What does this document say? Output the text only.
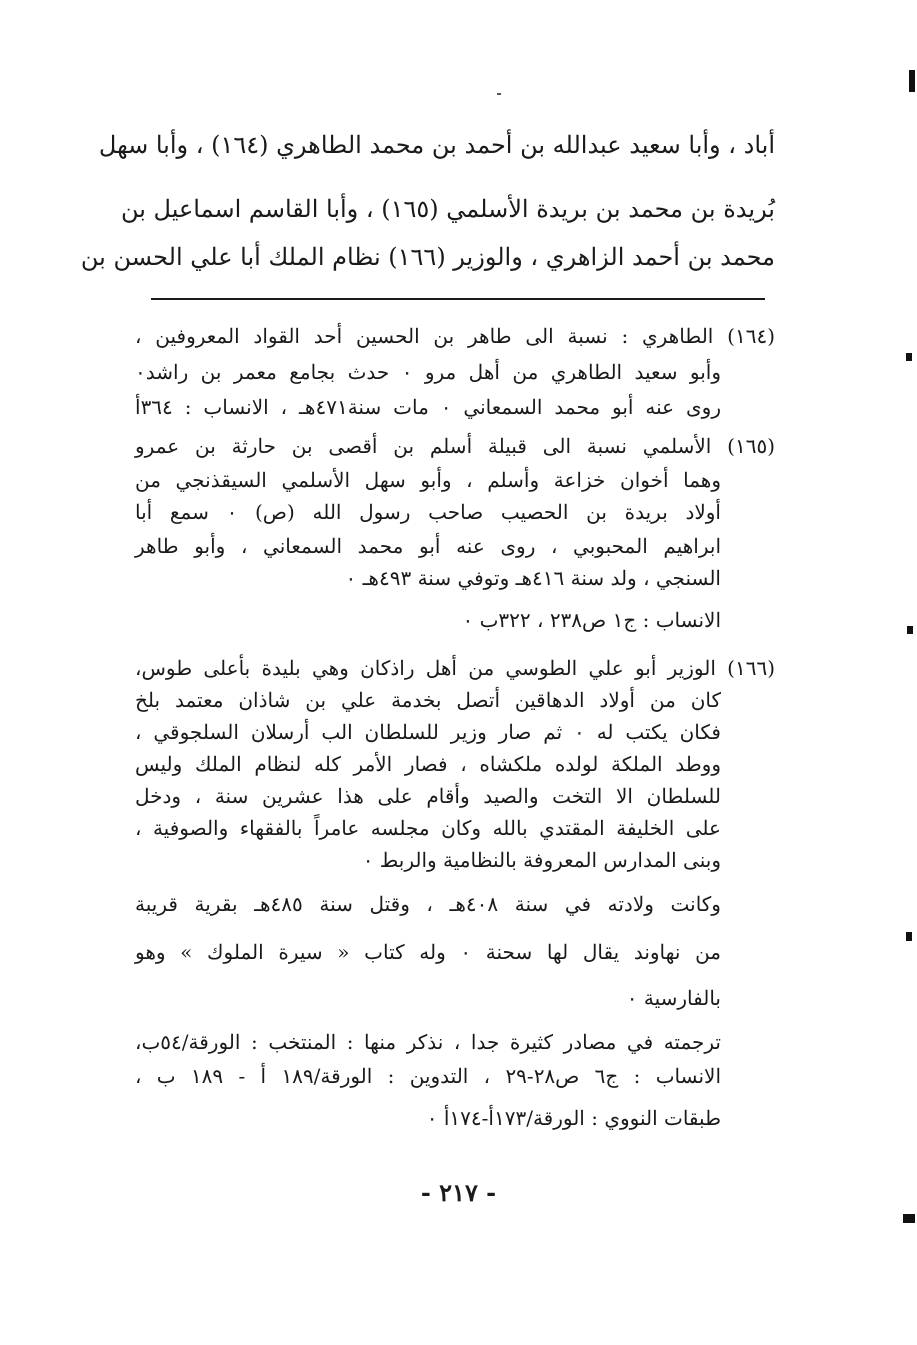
أباد ، وأبا سعيد عبدالله بن أحمد بن محمد الطاهري (١٦٤) ، وأبا سهل
بُريدة بن محمد بن بريدة الأسلمي (١٦٥) ، وأبا القاسم اسماعيل بن
محمد بن أحمد الزاهري ، والوزير (١٦٦) نظام الملك أبا علي الحسن بن
(١٦٤) الطاهري : نسبة الى طاهر بن الحسين أحد القواد المعروفين ،
وأبو سعيد الطاهري من أهل مرو ٠ حدث بجامع معمر بن راشد٠
روى عنه أبو محمد السمعاني ٠ مات سنة٤٧١هـ ، الانساب : ٣٦٤أ
(١٦٥) الأسلمي نسبة الى قبيلة أسلم بن أقصى بن حارثة بن عمرو
وهما أخوان خزاعة وأسلم ، وأبو سهل الأسلمي السيقذنجي من
أولاد بريدة بن الحصيب صاحب رسول الله (ص) ٠ سمع أبا
ابراهيم المحبوبي ، روى عنه أبو محمد السمعاني ، وأبو طاهر
السنجي ، ولد سنة ٤١٦هـ وتوفي سنة ٤٩٣هـ ٠
الانساب : ج١ ص٢٣٨ ، ٣٢٢ب ٠
(١٦٦) الوزير أبو علي الطوسي من أهل راذكان وهي بليدة بأعلى طوس،
كان من أولاد الدهاقين أتصل بخدمة علي بن شاذان معتمد بلخ
فكان يكتب له ٠ ثم صار وزير للسلطان الب أرسلان السلجوقي ،
ووطد الملكة لولده ملكشاه ، فصار الأمر كله لنظام الملك وليس
للسلطان الا التخت والصيد وأقام على هذا عشرين سنة ، ودخل
على الخليفة المقتدي بالله وكان مجلسه عامراً بالفقهاء والصوفية ،
وبنى المدارس المعروفة بالنظامية والربط ٠
وكانت ولادته في سنة ٤٠٨هـ ، وقتل سنة ٤٨٥هـ بقرية قريبة
من نهاوند يقال لها سحنة ٠ وله كتاب « سيرة الملوك » وهو
بالفارسية ٠
ترجمته في مصادر كثيرة جدا ، نذكر منها : المنتخب : الورقة/٥٤ب،
الانساب : ج٦ ص٢٨-٢٩ ، التدوين : الورقة/١٨٩ أ - ١٨٩ ب ،
طبقات النووي : الورقة/١٧٣أ-١٧٤أ ٠
- ٢١٧ -
